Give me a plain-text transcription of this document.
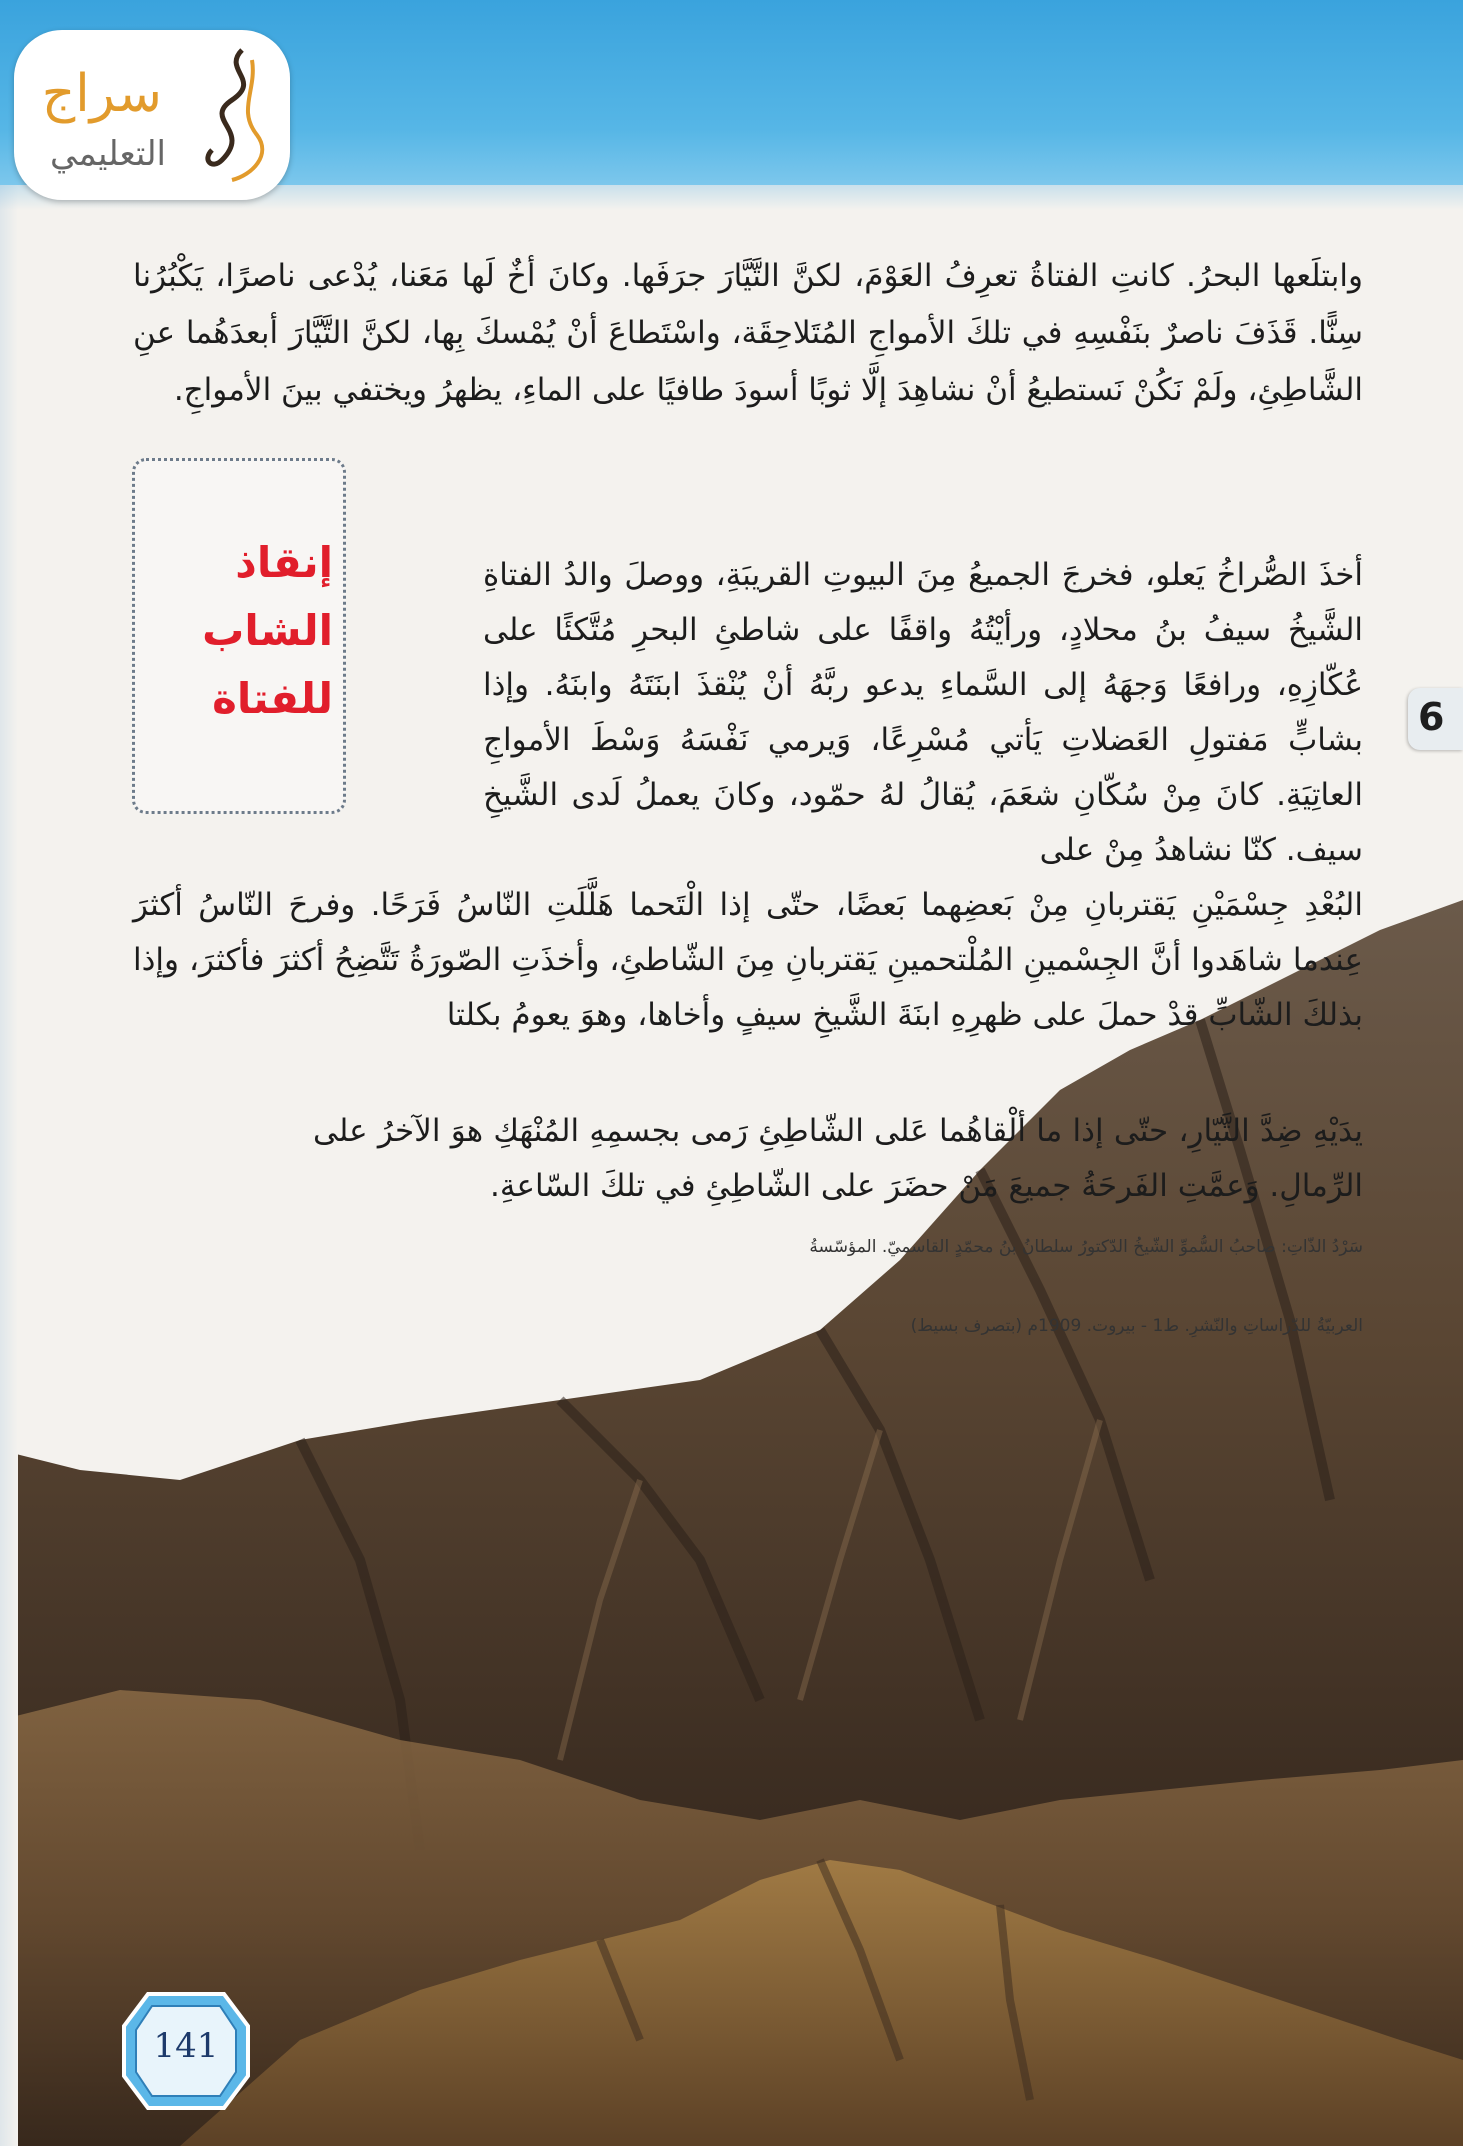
سراج
التعليمي
وابتلَعها البحرُ. كانتِ الفتاةُ تعرِفُ العَوْمَ، لكنَّ التَّيَّارَ جرَفَها. وكانَ أخٌ لَها مَعَنا، يُدْعى ناصرًا، يَكْبُرُنا سِنًّا. قَذَفَ ناصرٌ بنَفْسِهِ في تلكَ الأمواجِ المُتَلاحِقَة، واسْتَطاعَ أنْ يُمْسكَ بِها، لكنَّ التَّيَّارَ أبعدَهُما عنِ الشَّاطِئِ، ولَمْ نَكُنْ نَستطيعُ أنْ نشاهِدَ إلَّا ثوبًا أسودَ طافيًا على الماءِ، يظهرُ ويختفي بينَ الأمواجِ.
إنقاذ الشاب
للفتاة
أخذَ الصُّراخُ يَعلو، فخرجَ الجميعُ مِنَ البيوتِ القريبَةِ، ووصلَ والدُ الفتاةِ الشَّيخُ سيفُ بنُ محلادٍ، ورأيْتُهُ واقفًا على شاطئِ البحرِ مُتَّكئًا على عُكّازِهِ، ورافعًا وَجهَهُ إلى السَّماءِ يدعو ربَّهُ أنْ يُنْقذَ ابنَتَهُ وابنَهُ. وإذا بشابٍّ مَفتولِ العَضلاتِ يَأتي مُسْرِعًا، وَيرمي نَفْسَهُ وَسْطَ الأمواجِ العاتِيَةِ. كانَ مِنْ سُكّانِ شعَمَ، يُقالُ لهُ حمّود، وكانَ يعملُ لَدى الشَّيخِ سيف. كنّا نشاهدُ مِنْ على
البُعْدِ جِسْمَيْنِ يَقتربانِ مِنْ بَعضِهما بَعضًا، حتّى إذا الْتَحما هَلَّلَتِ النّاسُ فَرَحًا. وفرحَ النّاسُ أكثرَ عِندما شاهَدوا أنَّ الجِسْمينِ المُلْتحمينِ يَقتربانِ مِنَ الشّاطئِ، وأخذَتِ الصّورَةُ تَتَّضِحُ أكثرَ فأكثرَ، وإذا بذلكَ الشّابِّ قدْ حملَ على ظهرِهِ ابنَةَ الشَّيخِ سيفٍ وأخاها، وهوَ يعومُ بكلتا
يدَيْهِ ضِدَّ التَّيّارِ، حتّى إذا ما ألْقاهُما عَلى الشّاطِئِ رَمى بجسمِهِ المُنْهَكِ هوَ الآخرُ على الرِّمالِ. وَعمَّتِ الفَرحَةُ جميعَ مَنْ حضَرَ على الشّاطِئِ في تلكَ السّاعةِ.
سَرْدُ الذّاتِ: صاحبُ السُّموِّ الشّيخُ الدّكتورُ سلطانُ بنُ محمّدٍ القاسميّ. المؤسّسةُ
العربيّةُ للدّراساتِ والنّشرِ. ط1 - بيروت. 1909م (بتصرف بسيط)
6
141
